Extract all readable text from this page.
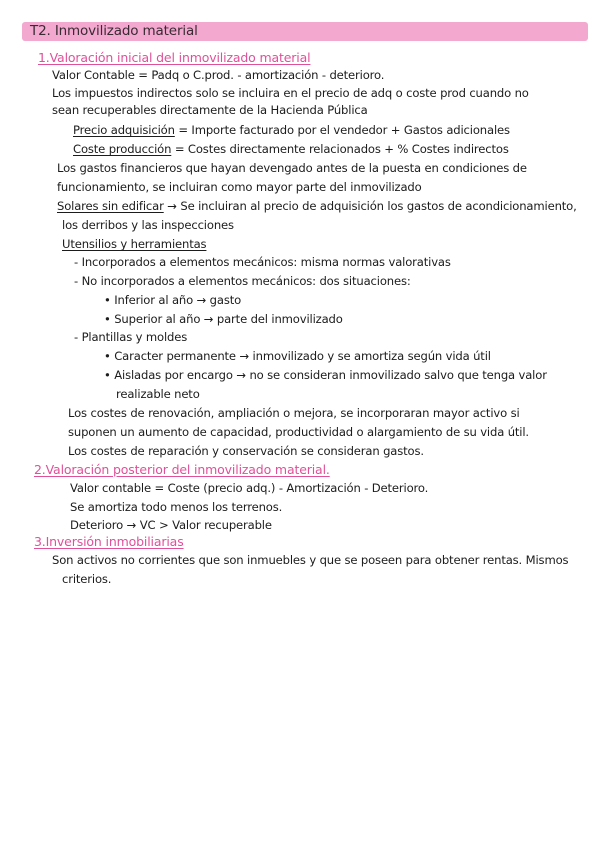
T2. Inmovilizado material
1.Valoración inicial del inmovilizado material
Valor Contable = Padq o C.prod. - amortización - deterioro.
Los impuestos indirectos solo se incluira en el precio de adq o coste prod cuando no
sean recuperables directamente de la Hacienda Pública
Precio adquisición = Importe facturado por el vendedor + Gastos adicionales
Coste producción = Costes directamente relacionados + % Costes indirectos
Los gastos financieros que hayan devengado antes de la puesta en condiciones de
funcionamiento, se incluiran como mayor parte del inmovilizado
Solares sin edificar → Se incluiran al precio de adquisición los gastos de acondicionamiento,
los derribos y las inspecciones
Utensilios y herramientas
- Incorporados a elementos mecánicos: misma normas valorativas
- No incorporados a elementos mecánicos: dos situaciones:
• Inferior al año → gasto
• Superior al año → parte del inmovilizado
- Plantillas y moldes
• Caracter permanente → inmovilizado y se amortiza según vida útil
• Aisladas por encargo → no se consideran inmovilizado salvo que tenga valor
realizable neto
Los costes de renovación, ampliación o mejora, se incorporaran mayor activo si
suponen un aumento de capacidad, productividad o alargamiento de su vida útil.
Los costes de reparación y conservación se consideran gastos.
2.Valoración posterior del inmovilizado material.
Valor contable = Coste (precio adq.) - Amortización - Deterioro.
Se amortiza todo menos los terrenos.
Deterioro → VC > Valor recuperable
3.Inversión inmobiliarias
Son activos no corrientes que son inmuebles y que se poseen para obtener rentas. Mismos
criterios.
